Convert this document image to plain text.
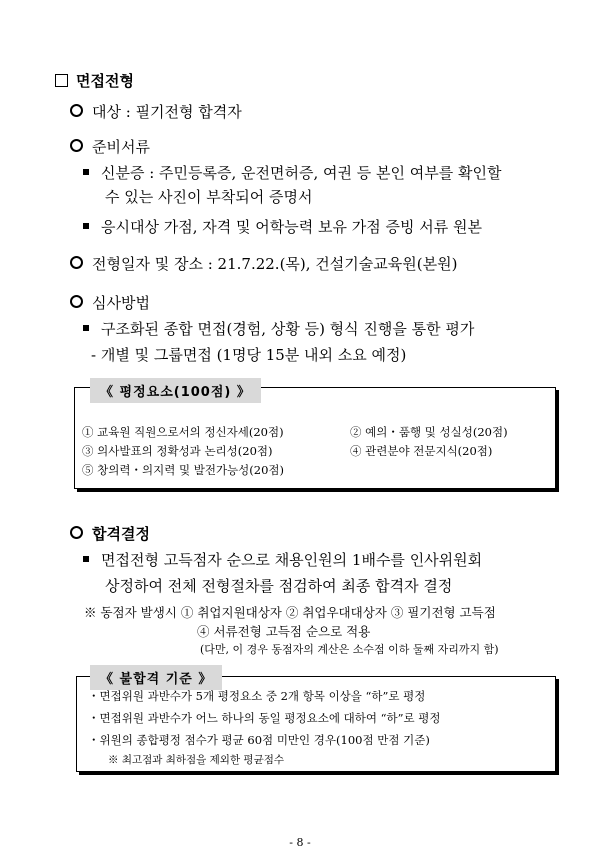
면접전형
대상 : 필기전형 합격자
준비서류
신분증 : 주민등록증, 운전면허증, 여권 등 본인 여부를 확인할
수 있는 사진이 부착되어 증명서
응시대상 가점, 자격 및 어학능력 보유 가점 증빙 서류 원본
전형일자 및 장소 : 21.7.22.(목), 건설기술교육원(본원)
심사방법
구조화된 종합 면접(경험, 상황 등) 형식 진행을 통한 평가
- 개별 및 그룹면접 (1명당 15분 내외 소요 예정)
《 평정요소(100점) 》
① 교육원 직원으로서의 정신자세(20점)	② 예의・품행 및 성실성(20점)
③ 의사발표의 정확성과 논리성(20점)	④ 관련분야 전문지식(20점)
⑤ 창의력・의지력 및 발전가능성(20점)
합격결정
면접전형 고득점자 순으로 채용인원의 1배수를 인사위원회
상정하여 전체 전형절차를 점검하여 최종 합격자 결정
※ 동점자 발생시 ① 취업지원대상자 ② 취업우대대상자 ③ 필기전형 고득점
④ 서류전형 고득점 순으로 적용
(다만, 이 경우 동점자의 계산은 소수점 이하 둘째 자리까지 함)
《 불합격 기준 》
・면접위원 과반수가 5개 평정요소 중 2개 항목 이상을 “하”로 평정
・면접위원 과반수가 어느 하나의 동일 평정요소에 대하여 “하”로 평정
・위원의 종합평정 점수가 평균 60점 미만인 경우(100점 만점 기준)
※ 최고점과 최하점을 제외한 평균점수
- 8 -
